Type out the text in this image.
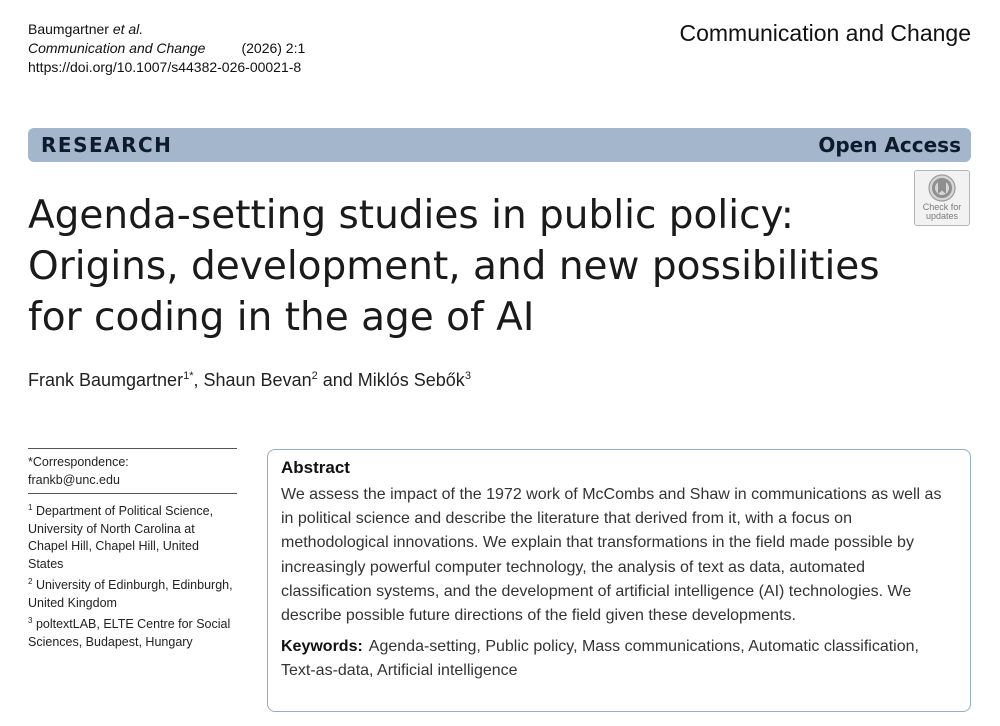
Baumgartner et al.
Communication and Change	(2026) 2:1
https://doi.org/10.1007/s44382-026-00021-8
Communication and Change
RESEARCH	Open Access
Check for
updates
Agenda-setting studies in public policy: Origins, development, and new possibilities for coding in the age of AI
Frank Baumgartner$^{1*}$, Shaun Bevan$^2$ and Miklós Sebők$^3$
*Correspondence:
frankb@unc.edu

$^1$ Department of Political Science, University of North Carolina at Chapel Hill, Chapel Hill, United States

$^2$ University of Edinburgh, Edinburgh, United Kingdom

$^3$ poltextLAB, ELTE Centre for Social Sciences, Budapest, Hungary

Abstract
We assess the impact of the 1972 work of McCombs and Shaw in communications as well as in political science and describe the literature that derived from it, with a focus on methodological innovations. We explain that transformations in the field made possible by increasingly powerful computer technology, the analysis of text as data, automated classification systems, and the development of artificial intelligence (AI) technologies. We describe possible future directions of the field given these developments.
Keywords: Agenda-setting, Public policy, Mass communications, Automatic classification, Text-as-data, Artificial intelligence
